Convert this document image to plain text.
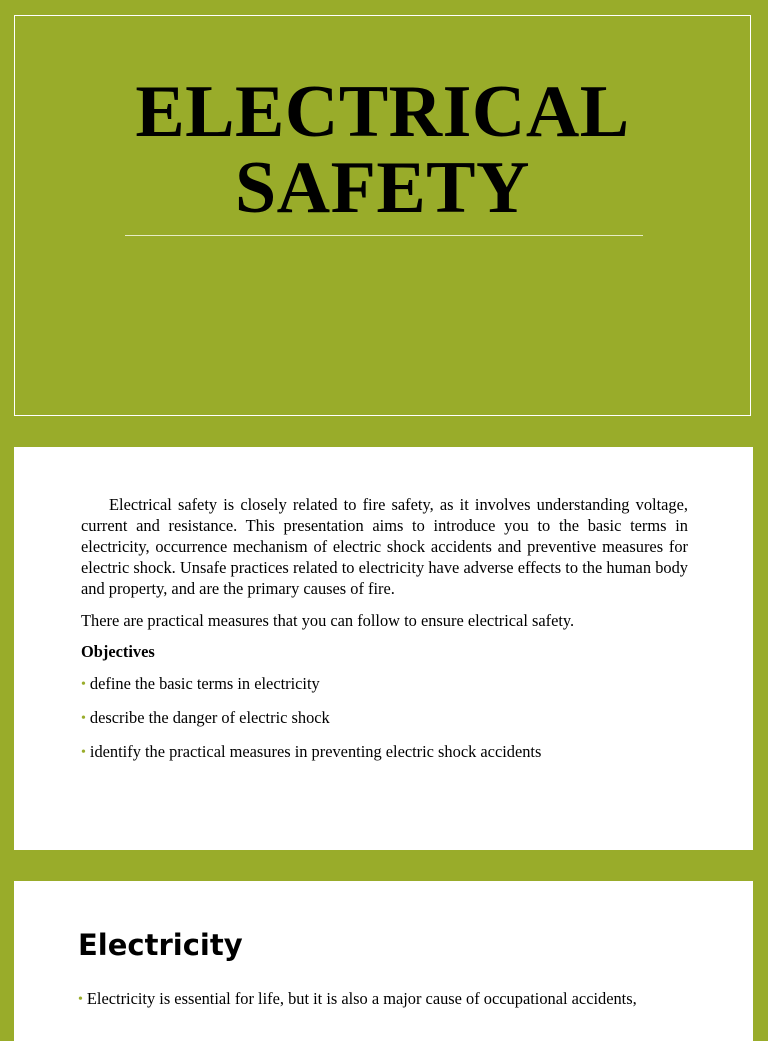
ELECTRICAL
SAFETY

Electrical safety is closely related to fire safety, as it involves understanding voltage, current and resistance. This presentation aims to introduce you to the basic terms in electricity, occurrence mechanism of electric shock accidents and preventive measures for electric shock. Unsafe practices related to electricity have adverse effects to the human body and property, and are the primary causes of fire.

There are practical measures that you can follow to ensure electrical safety.

Objectives

• define the basic terms in electricity
• describe the danger of electric shock
• identify the practical measures in preventing electric shock accidents
Electricity
• Electricity is essential for life, but it is also a major cause of occupational accidents,
